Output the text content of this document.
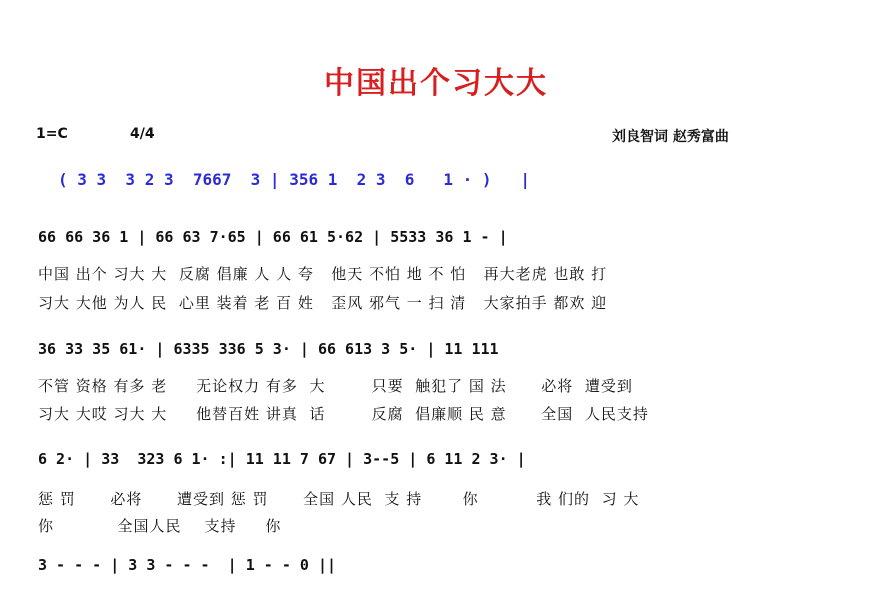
中国出个习大大
1=C	4/4	刘良智词 赵秀富曲
( 3 3  3 2 3  7667  3 | 356 1  2 3  6   1 · )   |
66 66 36 1 | 66 63 7·65 | 66 61 5·62 | 5533 36 1 - |
中国 出个 习大 大  反腐 倡廉 人 人 夸   他天 不怕 地 不 怕   再大老虎 也敢 打
习大 大他 为人 民  心里 装着 老 百 姓   歪风 邪气 一 扫 清   大家拍手 都欢 迎
36 33 35 61· | 6335 336 5 3· | 66 613 3 5· | 11 111
不管 资格 有多 老     无论权力 有多  大        只要  触犯了 国 法      必将  遭受到
习大 大哎 习大 大     他替百姓 讲真  话        反腐  倡廉顺 民 意      全国  人民支持
6 2· | 33  323 6 1· :| 11 11 7 67 | 3--5 | 6 11 2 3· |
惩 罚      必将      遭受到 惩 罚      全国 人民  支 持       你          我 们的  习 大
你           全国人民    支持     你
3 - - - | 3 3 - - -  | 1 - - 0 ||
